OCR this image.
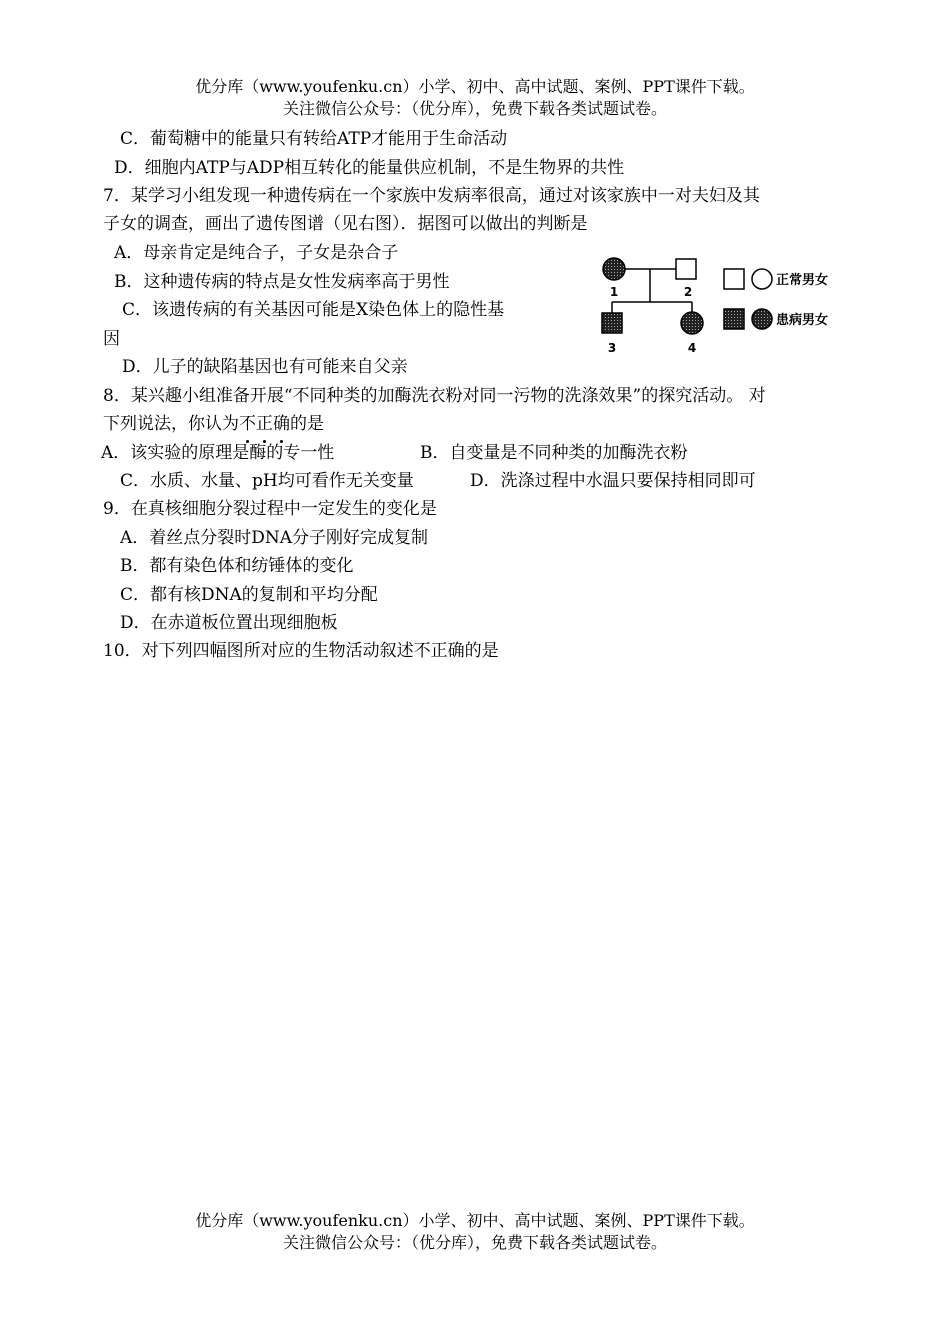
优分库（www.youfenku.cn）小学、初中、高中试题、案例、PPT课件下载。
关注微信公众号：（优分库），免费下载各类试题试卷。
C．葡萄糖中的能量只有转给ATP才能用于生命活动
D．细胞内ATP与ADP相互转化的能量供应机制，不是生物界的共性
7．某学习小组发现一种遗传病在一个家族中发病率很高，通过对该家族中一对夫妇及其
子女的调查，画出了遗传图谱（见右图）．据图可以做出的判断是
A．母亲肯定是纯合子，子女是杂合子
B．这种遗传病的特点是女性发病率高于男性
C．该遗传病的有关基因可能是X染色体上的隐性基
因
D．儿子的缺陷基因也有可能来自父亲
1	2
3	4
正常男女
患病男女
8．某兴趣小组准备开展“不同种类的加酶洗衣粉对同一污物的洗涤效果”的探究活动。 对
下列说法，你认为不正确的是
A．该实验的原理是酶的专一性	B．自变量是不同种类的加酶洗衣粉
C．水质、水量、pH均可看作无关变量	D．洗涤过程中水温只要保持相同即可
9．在真核细胞分裂过程中一定发生的变化是
A．着丝点分裂时DNA分子刚好完成复制
B．都有染色体和纺锤体的变化
C．都有核DNA的复制和平均分配
D．在赤道板位置出现细胞板
10．对下列四幅图所对应的生物活动叙述不正确的是
优分库（www.youfenku.cn）小学、初中、高中试题、案例、PPT课件下载。
关注微信公众号：（优分库），免费下载各类试题试卷。
